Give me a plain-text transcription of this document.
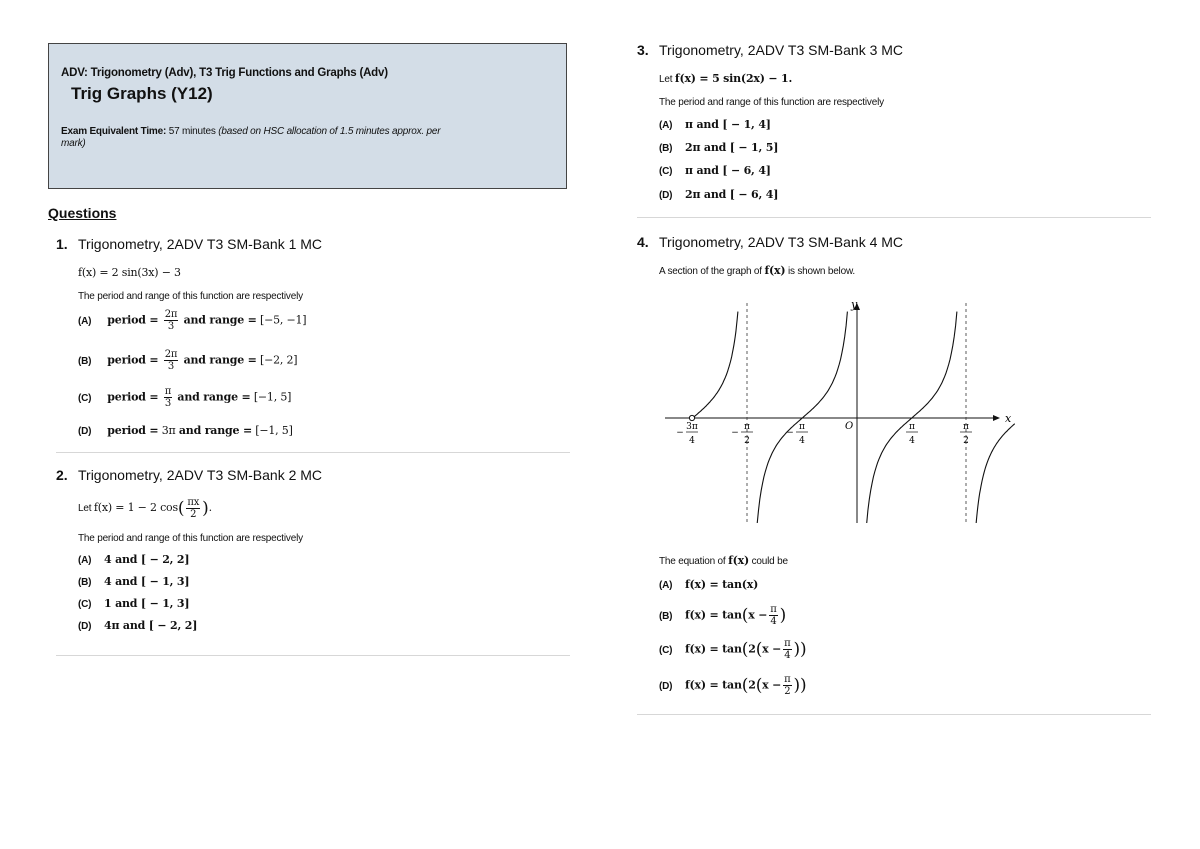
ADV: Trigonometry (Adv), T3 Trig Functions and Graphs (Adv)
Trig Graphs (Y12)
Exam Equivalent Time: 57 minutes (based on HSC allocation of 1.5 minutes approx. per mark)
Questions
1. Trigonometry, 2ADV T3 SM-Bank 1 MC
f(x) = 2 sin(3x) − 3
The period and range of this function are respectively
(A) period = $\frac{2\pi}{3}$ and range = [−5, −1]
(B) period = $\frac{2\pi}{3}$ and range = [−2, 2]
(C) period = $\frac{\pi}{3}$ and range = [−1, 5]
(D) period = 3π and range = [−1, 5]
2. Trigonometry, 2ADV T3 SM-Bank 2 MC
Let f(x) = 1 − 2 $\cos( \frac{\pi x}{2}$ ).
The period and range of this function are respectively
(A) 4 and [ − 2, 2]
(B) 4 and [ − 1, 3]
(C) 1 and [ − 1, 3]
(D) 4π and [ − 2, 2]
3. Trigonometry, 2ADV T3 SM-Bank 3 MC
Let f(x) = 5 sin(2x) − 1.
The period and range of this function are respectively
(A) π and [ − 1, 4]
(B) 2π and [ − 1, 5]
(C) π and [ − 6, 4]
(D) 2π and [ − 6, 4]
4. Trigonometry, 2ADV T3 SM-Bank 4 MC
A section of the graph of f(x) is shown below.
The equation of f(x) could be
(A) f(x) = tan(x)
(B) $f(x) = \tan(x - \frac{\pi}{4}$ )
(C) $f(x) = \tan(2(x - \frac{\pi}{4}$ ))
(D) $f(x) = \tan(2(x - \frac{\pi}{2}$ ))
x
y
O
3π
4
−
π
2
−
π
4
−
π
4
π
2
